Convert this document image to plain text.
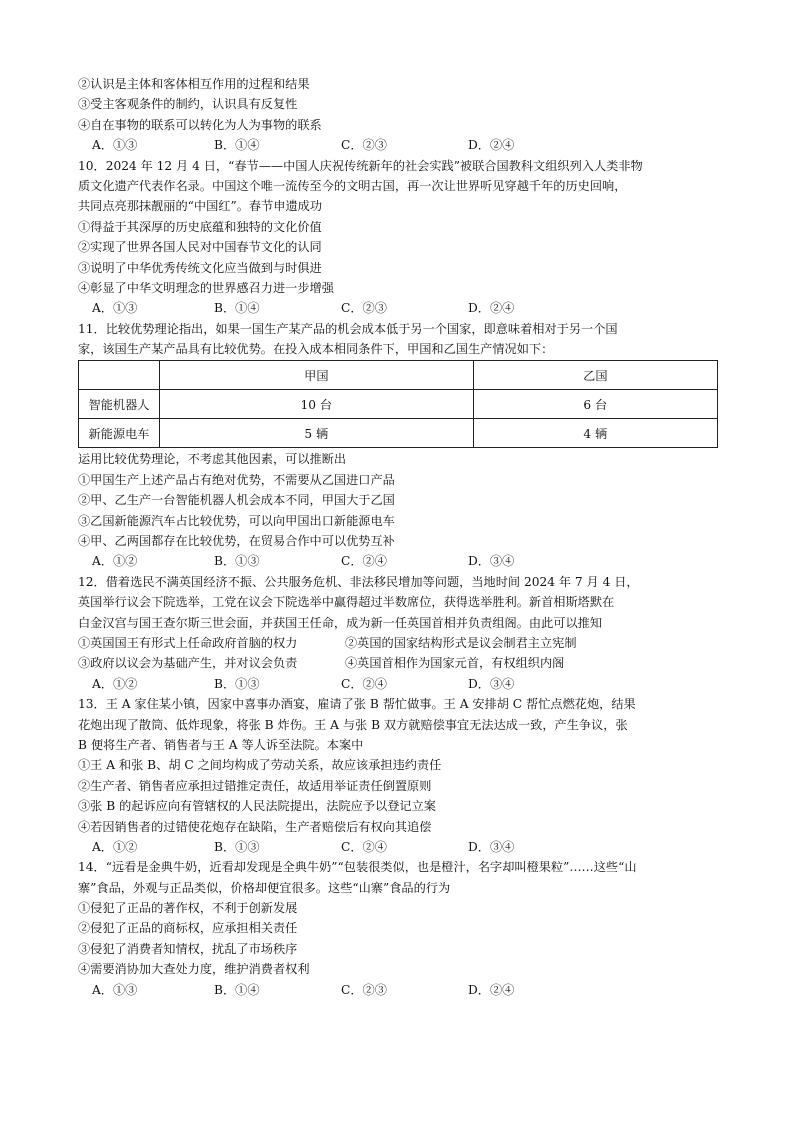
②认识是主体和客体相互作用的过程和结果
③受主客观条件的制约，认识具有反复性
④自在事物的联系可以转化为人为事物的联系
A．①③	B．①④	C．②③	D．②④
10．2024 年 12 月 4 日，“春节——中国人庆祝传统新年的社会实践”被联合国教科文组织列入人类非物
质文化遗产代表作名录。中国这个唯一流传至今的文明古国，再一次让世界听见穿越千年的历史回响，
共同点亮那抹靓丽的“中国红”。春节申遗成功
①得益于其深厚的历史底蕴和独特的文化价值
②实现了世界各国人民对中国春节文化的认同
③说明了中华优秀传统文化应当做到与时俱进
④彰显了中华文明理念的世界感召力进一步增强
A．①③	B．①④	C．②③	D．②④
11．比较优势理论指出，如果一国生产某产品的机会成本低于另一个国家，即意味着相对于另一个国
家，该国生产某产品具有比较优势。在投入成本相同条件下，甲国和乙国生产情况如下：
	甲国	乙国
智能机器人	10 台	6 台
新能源电车	5 辆	4 辆
运用比较优势理论，不考虑其他因素，可以推断出
①甲国生产上述产品占有绝对优势，不需要从乙国进口产品
②甲、乙生产一台智能机器人机会成本不同，甲国大于乙国
③乙国新能源汽车占比较优势，可以向甲国出口新能源电车
④甲、乙两国都存在比较优势，在贸易合作中可以优势互补
A．①②	B．①③	C．②④	D．③④
12．借着选民不满英国经济不振、公共服务危机、非法移民增加等问题，当地时间 2024 年 7 月 4 日，
英国举行议会下院选举，工党在议会下院选举中赢得超过半数席位，获得选举胜利。新首相斯塔默在
白金汉宫与国王查尔斯三世会面，并获国王任命，成为新一任英国首相并负责组阁。由此可以推知
①英国国王有形式上任命政府首脑的权力	②英国的国家结构形式是议会制君主立宪制
③政府以议会为基础产生，并对议会负责	④英国首相作为国家元首，有权组织内阁
A．①②	B．①③	C．②④	D．③④
13．王 A 家住某小镇，因家中喜事办酒宴，雇请了张 B 帮忙做事。王 A 安排胡 C 帮忙点燃花炮，结果
花炮出现了散筒、低炸现象，将张 B 炸伤。王 A 与张 B 双方就赔偿事宜无法达成一致，产生争议，张
B 便将生产者、销售者与王 A 等人诉至法院。本案中
①王 A 和张 B、胡 C 之间均构成了劳动关系，故应该承担违约责任
②生产者、销售者应承担过错推定责任，故适用举证责任倒置原则
③张 B 的起诉应向有管辖权的人民法院提出，法院应予以登记立案
④若因销售者的过错使花炮存在缺陷，生产者赔偿后有权向其追偿
A．①②	B．①③	C．②④	D．③④
14．“远看是金典牛奶，近看却发现是全典牛奶”“包装很类似，也是橙汁，名字却叫橙果粒”……这些“山
寨”食品，外观与正品类似，价格却便宜很多。这些“山寨”食品的行为
①侵犯了正品的著作权，不利于创新发展
②侵犯了正品的商标权，应承担相关责任
③侵犯了消费者知情权，扰乱了市场秩序
④需要消协加大查处力度，维护消费者权利
A．①③	B．①④	C．②③	D．②④
